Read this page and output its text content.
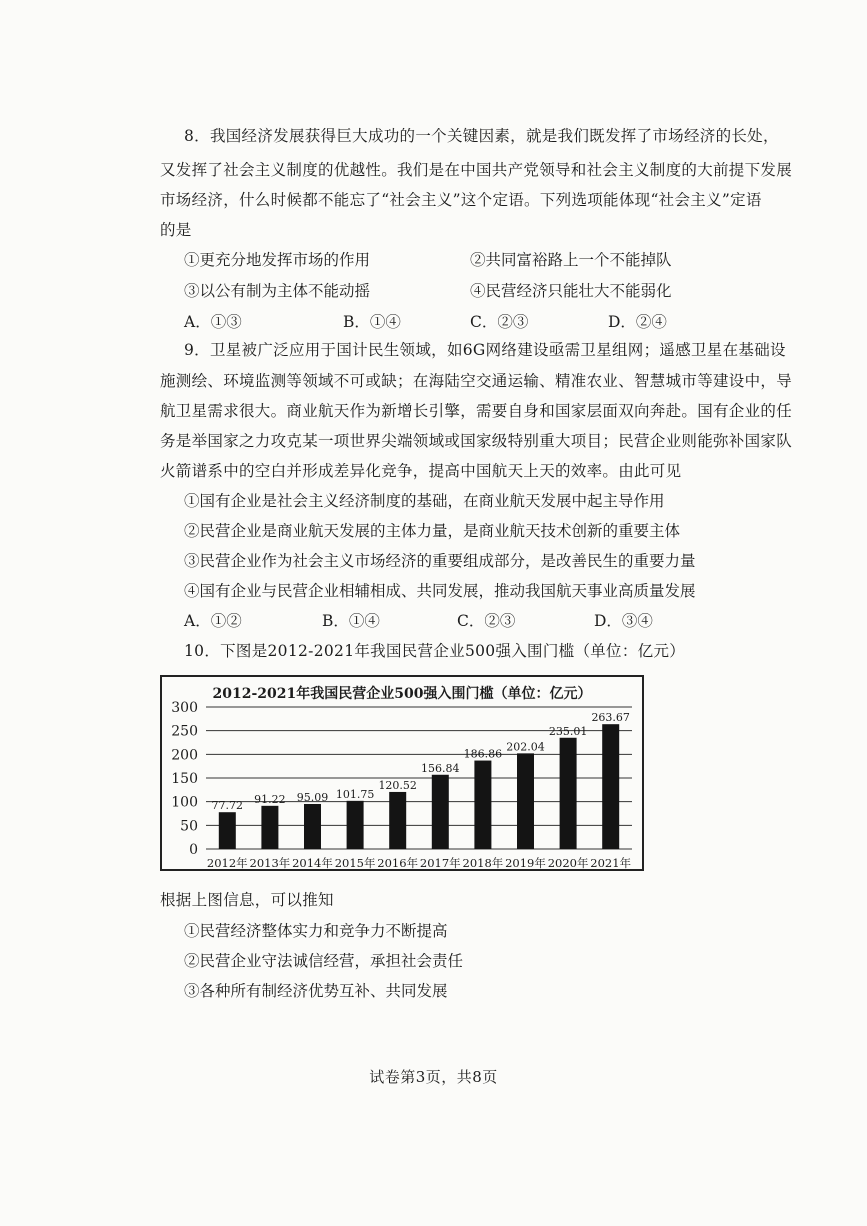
8．我国经济发展获得巨大成功的一个关键因素，就是我们既发挥了市场经济的长处，
又发挥了社会主义制度的优越性。我们是在中国共产党领导和社会主义制度的大前提下发展
市场经济，什么时候都不能忘了“社会主义”这个定语。下列选项能体现“社会主义”定语
的是
①更充分地发挥市场的作用	②共同富裕路上一个不能掉队
③以公有制为主体不能动摇	④民营经济只能壮大不能弱化
A．①③	B．①④	C．②③	D．②④
9．卫星被广泛应用于国计民生领域，如6G网络建设亟需卫星组网；遥感卫星在基础设
施测绘、环境监测等领域不可或缺；在海陆空交通运输、精准农业、智慧城市等建设中，导
航卫星需求很大。商业航天作为新增长引擎，需要自身和国家层面双向奔赴。国有企业的任
务是举国家之力攻克某一项世界尖端领域或国家级特别重大项目；民营企业则能弥补国家队
火箭谱系中的空白并形成差异化竞争，提高中国航天上天的效率。由此可见
①国有企业是社会主义经济制度的基础，在商业航天发展中起主导作用
②民营企业是商业航天发展的主体力量，是商业航天技术创新的重要主体
③民营企业作为社会主义市场经济的重要组成部分，是改善民生的重要力量
④国有企业与民营企业相辅相成、共同发展，推动我国航天事业高质量发展
A．①②	B．①④	C．②③	D．③④
10．下图是2012-2021年我国民营企业500强入围门槛（单位：亿元）
2012-2021年我国民营企业500强入围门槛（单位：亿元）
0
50
100
150
200
250
300
77.72 91.22 95.09 101.75
120.52
156.84
186.86
202.04
235.01
263.67
2012年 2013年 2014年 2015年 2016年 2017年 2018年 2019年 2020年 2021年
根据上图信息，可以推知
①民营经济整体实力和竞争力不断提高
②民营企业守法诚信经营，承担社会责任
③各种所有制经济优势互补、共同发展
试卷第3页，共8页
